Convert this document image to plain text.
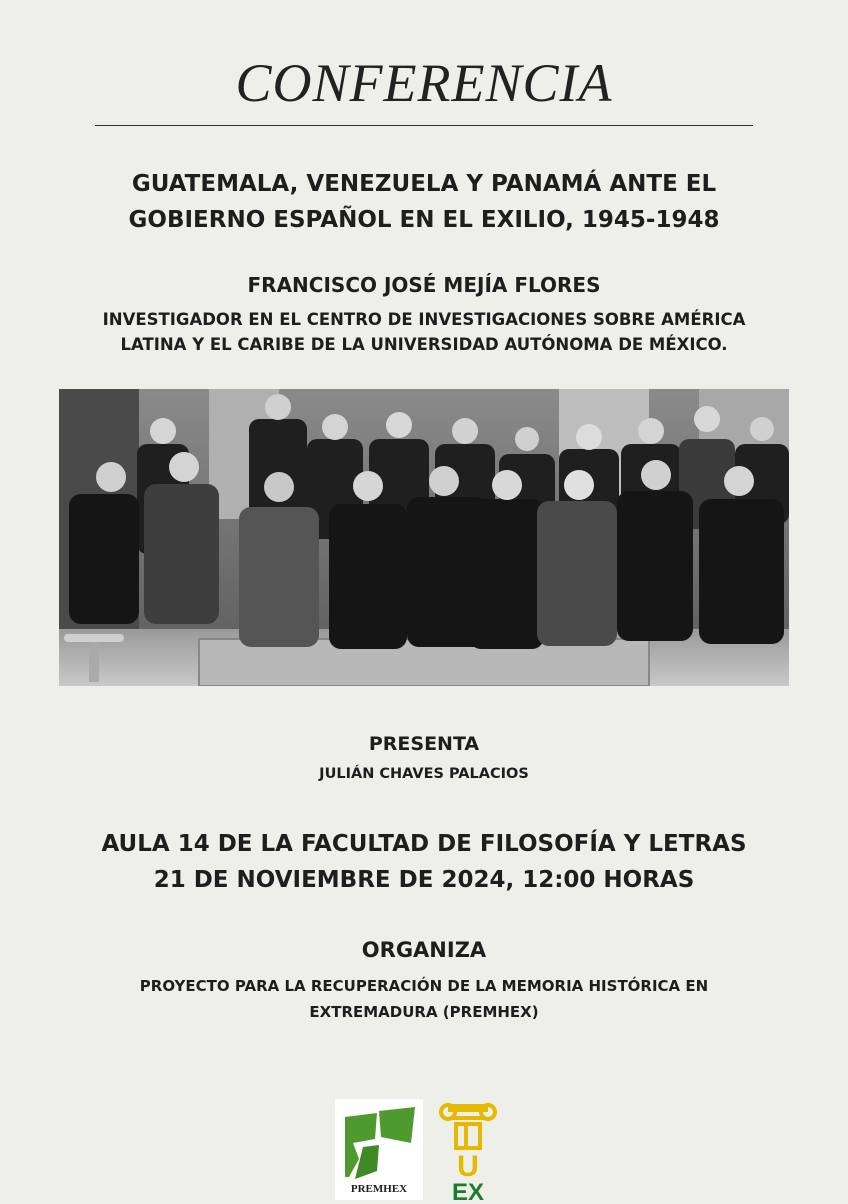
CONFERENCIA
GUATEMALA, VENEZUELA Y PANAMÁ ANTE EL
GOBIERNO ESPAÑOL EN EL EXILIO, 1945-1948
FRANCISCO JOSÉ MEJÍA FLORES
INVESTIGADOR EN EL CENTRO DE INVESTIGACIONES SOBRE AMÉRICA
LATINA Y EL CARIBE DE LA UNIVERSIDAD AUTÓNOMA DE MÉXICO.
PRESENTA
JULIÁN CHAVES PALACIOS
AULA 14 DE LA FACULTAD DE FILOSOFÍA Y LETRAS
21 DE NOVIEMBRE DE 2024, 12:00 HORAS
ORGANIZA
PROYECTO PARA LA RECUPERACIÓN DE LA MEMORIA HISTÓRICA EN
EXTREMADURA (PREMHEX)
PREMHEX
U
EX
